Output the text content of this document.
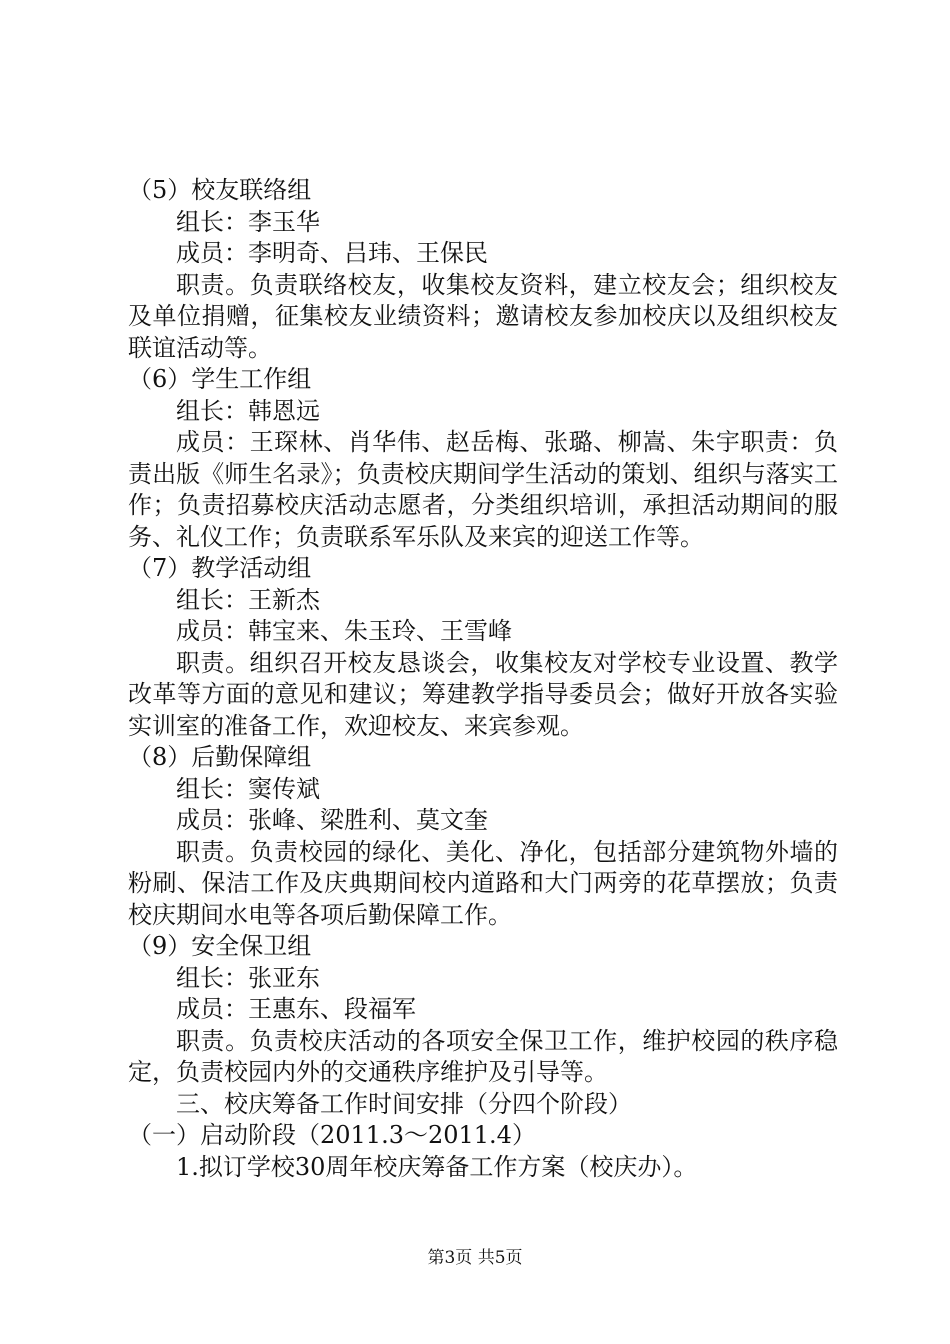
（5）校友联络组

组长：李玉华

成员：李明奇、吕玮、王保民

职责。负责联络校友，收集校友资料，建立校友会；组织校友及单位捐赠，征集校友业绩资料；邀请校友参加校庆以及组织校友联谊活动等。

（6）学生工作组

组长：韩恩远

成员：王琛林、肖华伟、赵岳梅、张璐、柳嵩、朱宇职责：负责出版《师生名录》；负责校庆期间学生活动的策划、组织与落实工作；负责招募校庆活动志愿者，分类组织培训，承担活动期间的服务、礼仪工作；负责联系军乐队及来宾的迎送工作等。

（7）教学活动组

组长：王新杰

成员：韩宝来、朱玉玲、王雪峰

职责。组织召开校友恳谈会，收集校友对学校专业设置、教学改革等方面的意见和建议；筹建教学指导委员会；做好开放各实验实训室的准备工作，欢迎校友、来宾参观。

（8）后勤保障组

组长：窦传斌

成员：张峰、梁胜利、莫文奎

职责。负责校园的绿化、美化、净化，包括部分建筑物外墙的粉刷、保洁工作及庆典期间校内道路和大门两旁的花草摆放；负责校庆期间水电等各项后勤保障工作。

（9）安全保卫组

组长：张亚东

成员：王惠东、段福军

职责。负责校庆活动的各项安全保卫工作，维护校园的秩序稳定，负责校园内外的交通秩序维护及引导等。

三、校庆筹备工作时间安排（分四个阶段）

（一）启动阶段（2011.3～2011.4）

1.拟订学校30周年校庆筹备工作方案（校庆办）。

第3页 共5页
